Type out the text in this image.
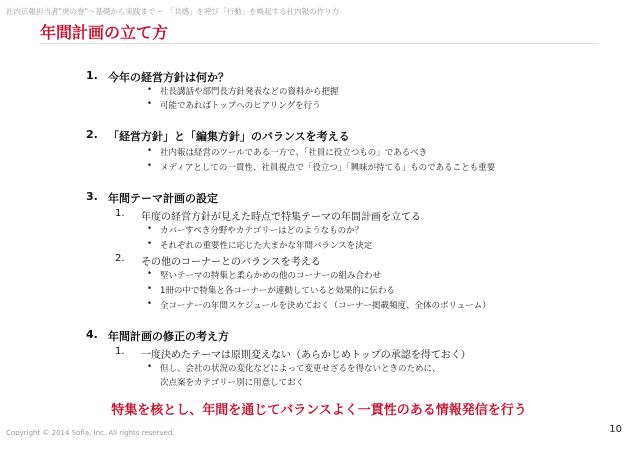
社内広報担当者"虎の巻"～基礎から実践まで～　「共感」を呼び「行動」を喚起する社内報の作り方
年間計画の立て方
1. 今年の経営方針は何か？
• 社長講話や部門長方針発表などの資料から把握
• 可能であればトップへのヒアリングを行う
2. 「経営方針」と「編集方針」のバランスを考える
• 社内報は経営のツールである一方で、「社員に役立つもの」であるべき
• メディアとしての一貫性、社員視点で「役立つ」「興味が持てる」ものであることも重要
3. 年間テーマ計画の設定
1. 年度の経営方針が見えた時点で特集テーマの年間計画を立てる
• カバーすべき分野やカテゴリーはどのようなものか？
• それぞれの重要性に応じた大まかな年間バランスを決定
2. その他のコーナーとのバランスを考える
• 堅いテーマの特集と柔らかめの他のコーナーの組み合わせ
• 1冊の中で特集と各コーナーが連動していると効果的に伝わる
• 全コーナーの年間スケジュールを決めておく（コーナー掲載頻度、全体のボリューム）
4. 年間計画の修正の考え方
1. 一度決めたテーマは原則変えない（あらかじめトップの承認を得ておく）
• 但し、会社の状況の変化などによって変更せざるを得ないときのために、
次点案をカテゴリー別に用意しておく
特集を核とし、年間を通じてバランスよく一貫性のある情報発信を行う
Copyright © 2014 Sofia, Inc. All rights reserved.	10
